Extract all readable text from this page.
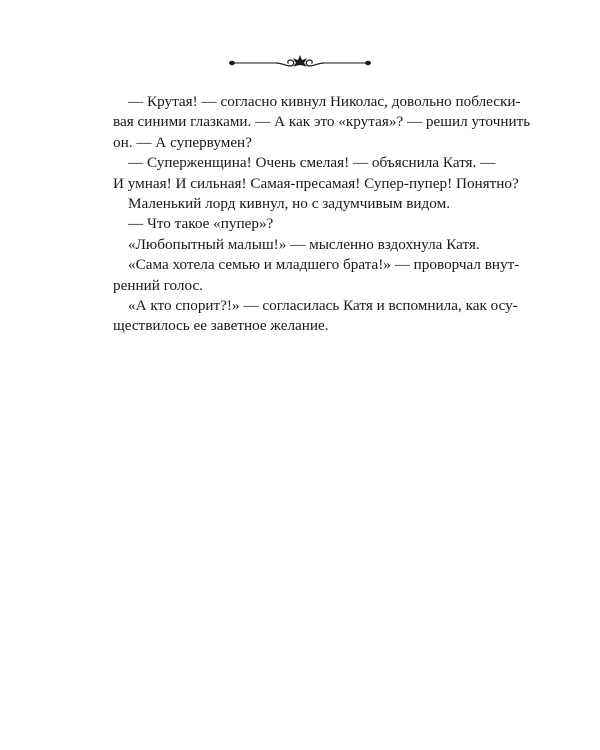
— Крутая! — согласно кивнул Николас, довольно поблески-
вая синими глазками. — А как это «крутая»? — решил уточнить
он. — А супервумен?
— Суперженщина! Очень смелая! — объяснила Катя. —
И умная! И сильная! Самая-пресамая! Супер-пупер! Понятно?
Маленький лорд кивнул, но с задумчивым видом.
— Что такое «пупер»?
«Любопытный малыш!» — мысленно вздохнула Катя.
«Сама хотела семью и младшего брата!» — проворчал внут-
ренний голос.
«А кто спорит?!» — согласилась Катя и вспомнила, как осу-
ществилось ее заветное желание.
